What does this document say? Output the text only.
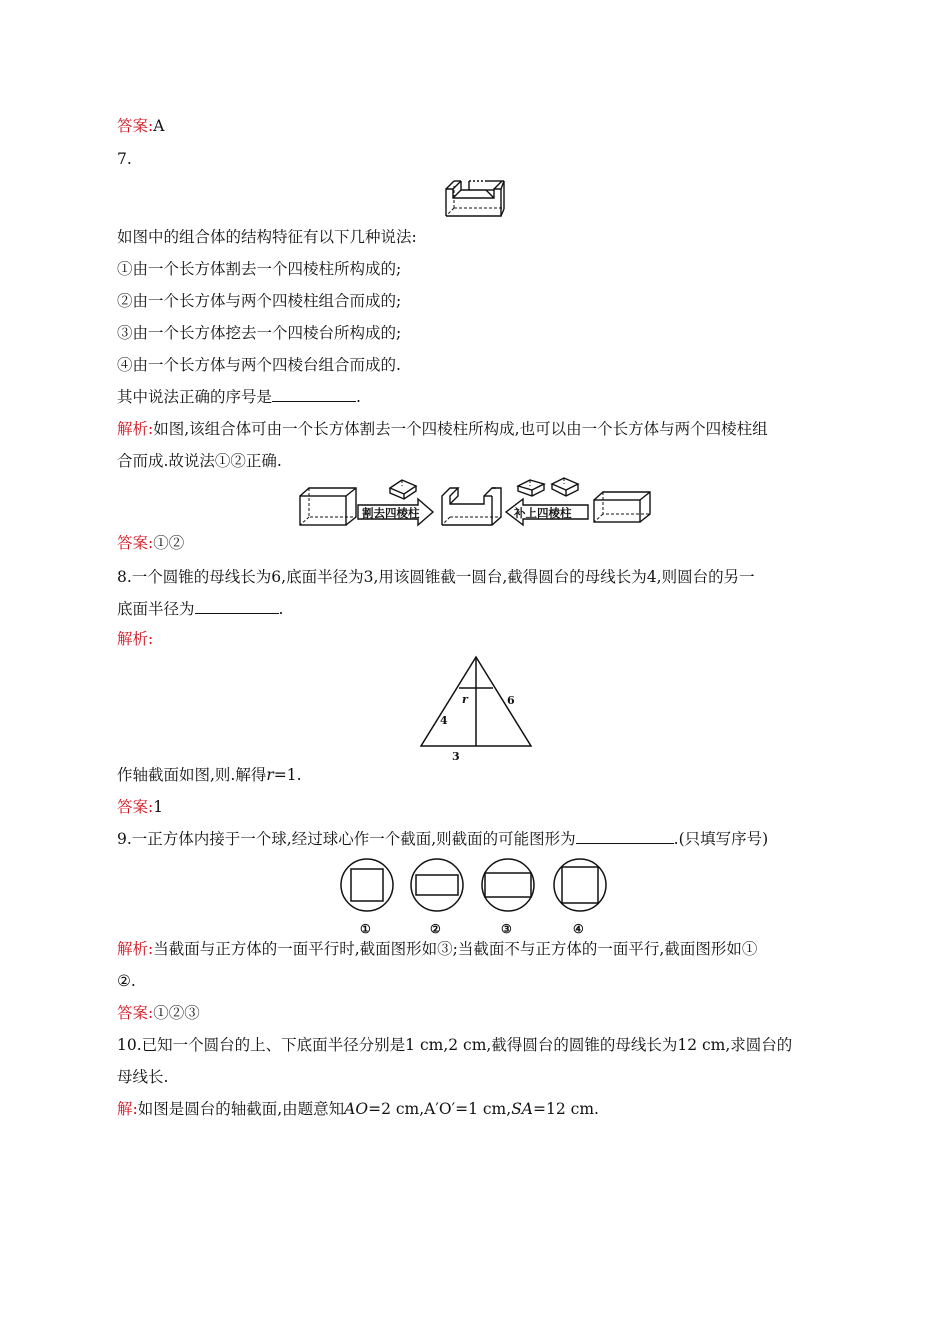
答案:A
7.
如图中的组合体的结构特征有以下几种说法:
①由一个长方体割去一个四棱柱所构成的;
②由一个长方体与两个四棱柱组合而成的;
③由一个长方体挖去一个四棱台所构成的;
④由一个长方体与两个四棱台组合而成的.
其中说法正确的序号是	.
解析:如图,该组合体可由一个长方体割去一个四棱柱所构成,也可以由一个长方体与两个四棱柱组
合而成.故说法①②正确.
割去四棱柱	补上四棱柱
答案:①②
8.一个圆锥的母线长为6,底面半径为3,用该圆锥截一圆台,截得圆台的母线长为4,则圆台的另一
底面半径为	.
解析:
r
4
6
3
作轴截面如图,则.解得r=1.
答案:1
9.一正方体内接于一个球,经过球心作一个截面,则截面的可能图形为	.(只填写序号)
①	②	③	④
解析:当截面与正方体的一面平行时,截面图形如③;当截面不与正方体的一面平行,截面图形如①
②.
答案:①②③
10.已知一个圆台的上、下底面半径分别是1 cm,2 cm,截得圆台的圆锥的母线长为12 cm,求圆台的
母线长.
解:如图是圆台的轴截面,由题意知AO=2 cm,A′O′=1 cm,SA=12 cm.
